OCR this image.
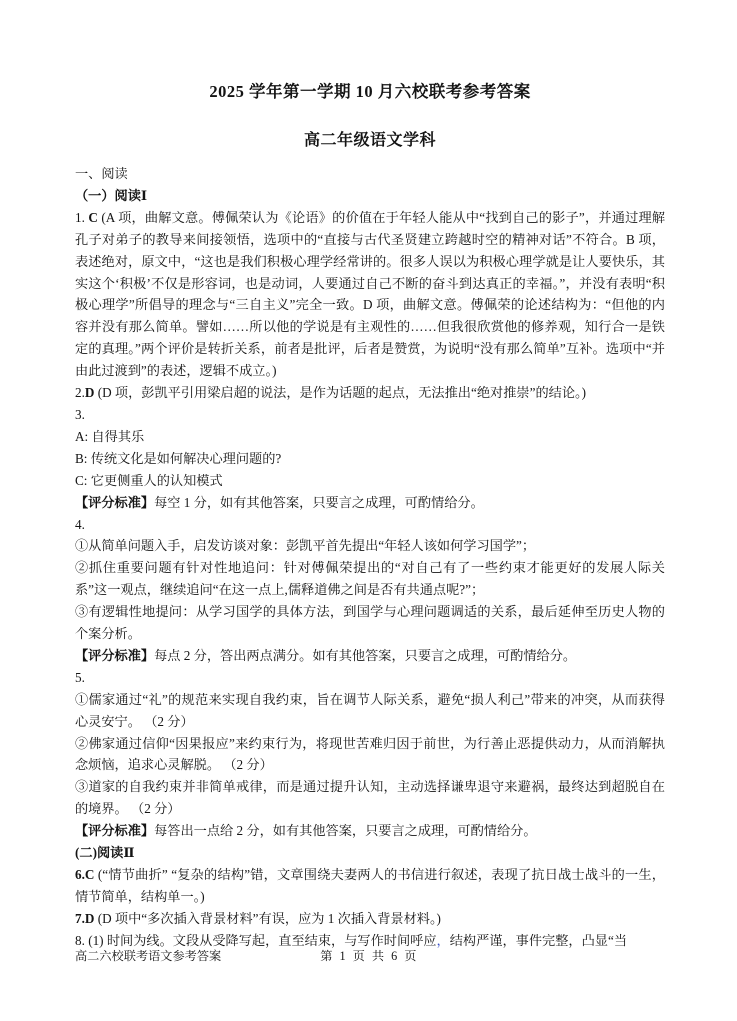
2025 学年第一学期 10 月六校联考参考答案
高二年级语文学科

一、阅读

（一）阅读Ⅰ

1. C (A 项，曲解文意。傅佩荣认为《论语》的价值在于年轻人能从中“找到自己的影子”，并通过理解孔子对弟子的教导来间接领悟，选项中的“直接与古代圣贤建立跨越时空的精神对话”不符合。B 项，表述绝对，原文中，“这也是我们积极心理学经常讲的。很多人误以为积极心理学就是让人要快乐，其实这个‘积极’不仅是形容词，也是动词，人要通过自己不断的奋斗到达真正的幸福。”，并没有表明“积极心理学”所倡导的理念与“三自主义”完全一致。D 项，曲解文意。傅佩荣的论述结构为：“但他的内容并没有那么简单。譬如……所以他的学说是有主观性的……但我很欣赏他的修养观，知行合一是铁定的真理。”两个评价是转折关系，前者是批评，后者是赞赏，为说明“没有那么简单”互补。选项中“并由此过渡到”的表述，逻辑不成立。)

2.D (D 项，彭凯平引用梁启超的说法，是作为话题的起点，无法推出“绝对推崇”的结论。)

3.

A: 自得其乐

B: 传统文化是如何解决心理问题的?

C: 它更侧重人的认知模式

【评分标准】每空 1 分，如有其他答案，只要言之成理，可酌情给分。

4.

①从简单问题入手，启发访谈对象：彭凯平首先提出“年轻人该如何学习国学”；

②抓住重要问题有针对性地追问：针对傅佩荣提出的“对自己有了一些约束才能更好的发展人际关系”这一观点，继续追问“在这一点上,儒释道佛之间是否有共通点呢?”；

③有逻辑性地提问：从学习国学的具体方法，到国学与心理问题调适的关系，最后延伸至历史人物的个案分析。

【评分标准】每点 2 分，答出两点满分。如有其他答案，只要言之成理，可酌情给分。

5.

①儒家通过“礼”的规范来实现自我约束，旨在调节人际关系，避免“损人利己”带来的冲突，从而获得心灵安宁。 （2 分）

②佛家通过信仰“因果报应”来约束行为，将现世苦难归因于前世，为行善止恶提供动力，从而消解执念烦恼，追求心灵解脱。 （2 分）

③道家的自我约束并非简单戒律，而是通过提升认知，主动选择谦卑退守来避祸，最终达到超脱自在的境界。 （2 分）

【评分标准】每答出一点给 2 分，如有其他答案，只要言之成理，可酌情给分。

(二)阅读Ⅱ

6.C (“情节曲折” “复杂的结构”错，文章围绕夫妻两人的书信进行叙述，表现了抗日战士战斗的一生，情节简单，结构单一。)

7.D (D 项中“多次插入背景材料”有误，应为 1 次插入背景材料。)

8. (1) 时间为线。文段从受降写起，直至结束，与写作时间呼应，结构严谨，事件完整，凸显“当

高二六校联考语文参考答案	第 1 页 共 6 页
